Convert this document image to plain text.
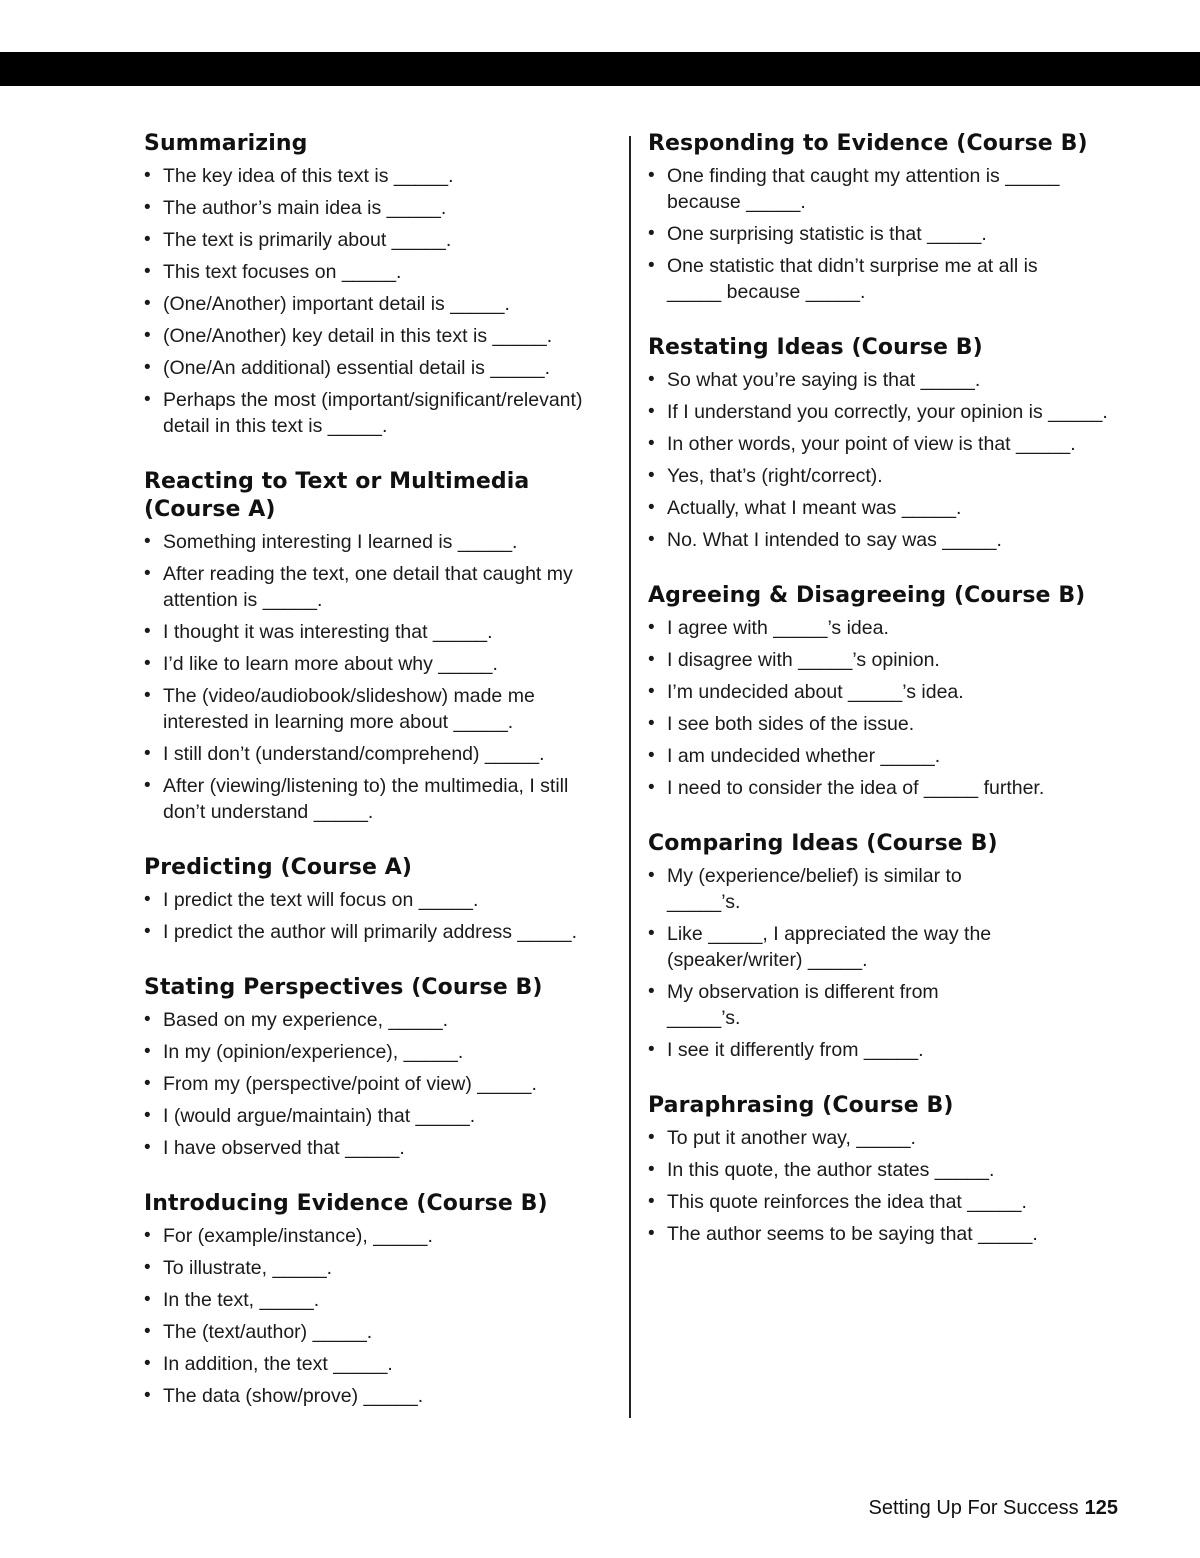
Summarizing
• The key idea of this text is _____.
• The author’s main idea is _____.
• The text is primarily about _____.
• This text focuses on _____.
• (One/Another) important detail is _____.
• (One/Another) key detail in this text is _____.
• (One/An additional) essential detail is _____.
• Perhaps the most (important/significant/relevant) detail in this text is _____.
Reacting to Text or Multimedia (Course A)
• Something interesting I learned is _____.
• After reading the text, one detail that caught my attention is _____.
• I thought it was interesting that _____.
• I’d like to learn more about why _____.
• The (video/audiobook/slideshow) made me interested in learning more about _____.
• I still don’t (understand/comprehend) _____.
• After (viewing/listening to) the multimedia, I still don’t understand _____.
Predicting (Course A)
• I predict the text will focus on _____.
• I predict the author will primarily address _____.
Stating Perspectives (Course B)
• Based on my experience, _____.
• In my (opinion/experience), _____.
• From my (perspective/point of view) _____.
• I (would argue/maintain) that _____.
• I have observed that _____.
Introducing Evidence (Course B)
• For (example/instance), _____.
• To illustrate, _____.
• In the text, _____.
• The (text/author) _____.
• In addition, the text _____.
• The data (show/prove) _____.
Responding to Evidence (Course B)
• One finding that caught my attention is _____ because _____.
• One surprising statistic is that _____.
• One statistic that didn’t surprise me at all is _____ because _____.
Restating Ideas (Course B)
• So what you’re saying is that _____.
• If I understand you correctly, your opinion is _____.
• In other words, your point of view is that _____.
• Yes, that’s (right/correct).
• Actually, what I meant was _____.
• No. What I intended to say was _____.
Agreeing & Disagreeing (Course B)
• I agree with _____’s idea.
• I disagree with _____’s opinion.
• I’m undecided about _____’s idea.
• I see both sides of the issue.
• I am undecided whether _____.
• I need to consider the idea of _____ further.
Comparing Ideas (Course B)
• My (experience/belief) is similar to _____’s.
• Like _____, I appreciated the way the (speaker/writer) _____.
• My observation is different from _____’s.
• I see it differently from _____.
Paraphrasing (Course B)
• To put it another way, _____.
• In this quote, the author states _____.
• This quote reinforces the idea that _____.
• The author seems to be saying that _____.
Setting Up For Success 125
